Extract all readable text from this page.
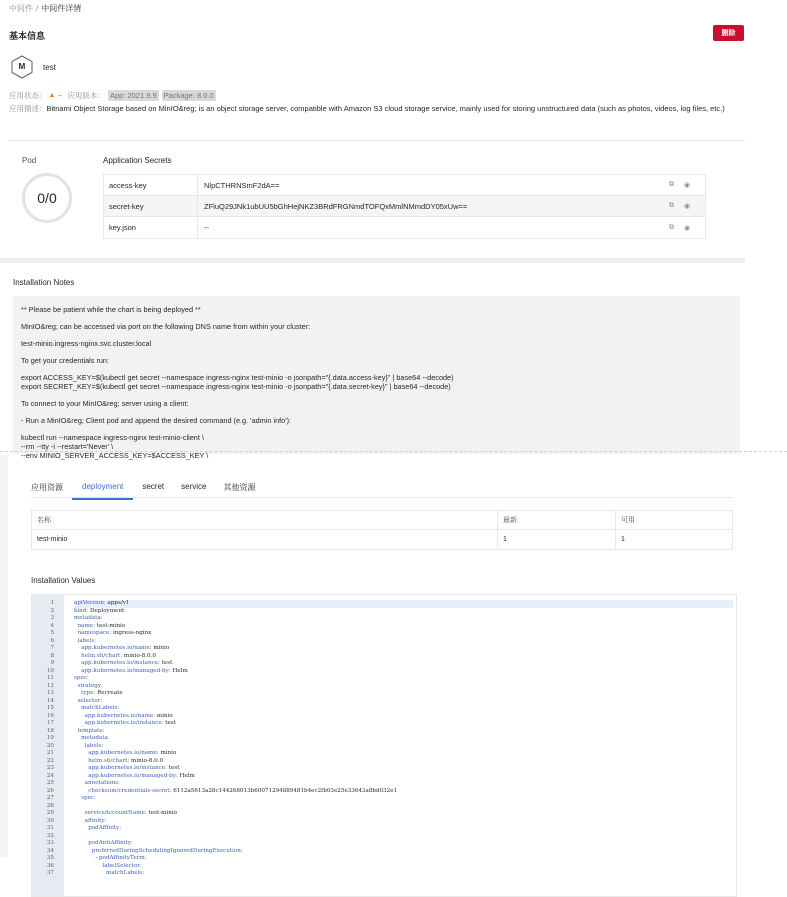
中间件 / 中间件详情
基本信息	删除
M	test
应用状态： ▲ -- 应用版本： App: 2021.9.9 Package: 8.0.0
应用描述：Bitnami Object Storage based on MinIO&reg; is an object storage server, compatible with Amazon S3 cloud storage service, mainly used for storing unstructured data (such as photos, videos, log files, etc.)
Pod
0/0
Application Secrets
access-key	NlpCTHRNSmF2dA==	⧉ ◉
secret-key	ZFluQ29JNk1ubUU5bGhHejNKZ3BRdFRGNmdTOFQxMmlNMmdDY05xUw==	⧉ ◉
key.json	--	⧉ ◉
Installation Notes

** Please be patient while the chart is being deployed **

MinIO&reg; can be accessed via port on the following DNS name from within your cluster:

test-minio.ingress-nginx.svc.cluster.local

To get your credentials run:

export ACCESS_KEY=$(kubectl get secret --namespace ingress-nginx test-minio -o jsonpath="{.data.access-key}" | base64 --decode)
export SECRET_KEY=$(kubectl get secret --namespace ingress-nginx test-minio -o jsonpath="{.data.secret-key}" | base64 --decode)

To connect to your MinIO&reg; server using a client:

- Run a MinIO&reg; Client pod and append the desired command (e.g. 'admin info'):

kubectl run --namespace ingress-nginx test-minio-client \
--rm --tty -i --restart='Never' \
--env MINIO_SERVER_ACCESS_KEY=$ACCESS_KEY \

应用资源	deployment	secret service 其他资源
名称	最新	可用
test-minio	1	1
Installation Values
1	apiVersion: apps/v1
2	kind: Deployment
3	metadata:
4	name: test-minio
5	namespace: ingress-nginx
6	labels:
7	app.kubernetes.io/name: minio
8	helm.sh/chart: minio-8.0.0
9	app.kubernetes.io/instance: test
10	app.kubernetes.io/managed-by: Helm
11	spec:
12	strategy:
13	type: Recreate
14	selector:
15	matchLabels:
16	app.kubernetes.io/name: minio
17	app.kubernetes.io/instance: test
18	template:
19	metadata:
20	labels:
21	app.kubernetes.io/name: minio
22	helm.sh/chart: minio-8.0.0
23	app.kubernetes.io/instance: test
24	app.kubernetes.io/managed-by: Helm
25	annotations:
26	checksum/credentials-secret: 6112a5613a28c144268013b60071294889481b4ec2fb03e25e33643a8bd032e1
27	spec:
28
29	serviceAccountName: test-minio
30	affinity:
31	podAffinity:
32
33	podAntiAffinity:
34	preferredDuringSchedulingIgnoredDuringExecution:
35	- podAffinityTerm:
36	labelSelector:
37	matchLabels:
